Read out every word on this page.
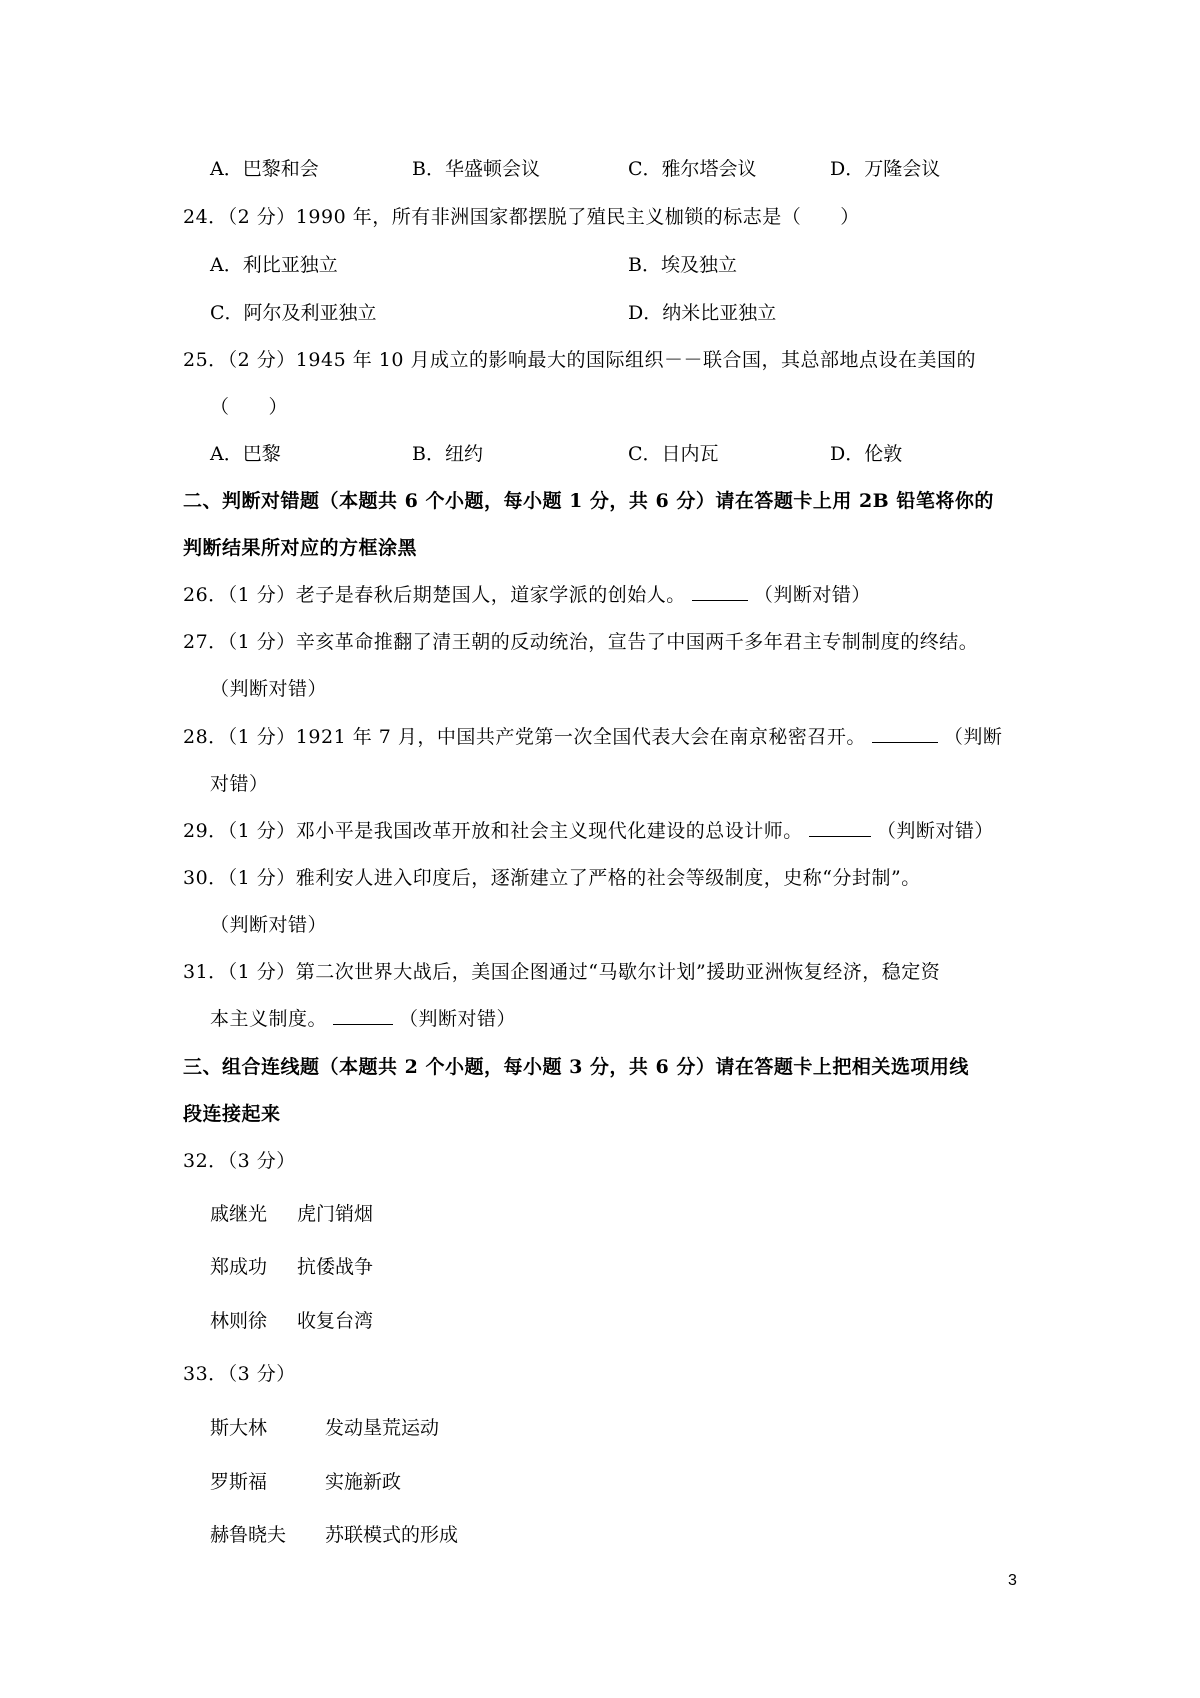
A．巴黎和会	B．华盛顿会议	C．雅尔塔会议	D．万隆会议
24．（2 分）1990 年，所有非洲国家都摆脱了殖民主义枷锁的标志是（　　）
A．利比亚独立	B．埃及独立
C．阿尔及利亚独立	D．纳米比亚独立
25．（2 分）1945 年 10 月成立的影响最大的国际组织－－联合国，其总部地点设在美国的
（　　）
A．巴黎	B．纽约	C．日内瓦	D．伦敦
二、判断对错题（本题共 6 个小题，每小题 1 分，共 6 分）请在答题卡上用 2B 铅笔将你的
判断结果所对应的方框涂黑
26．（1 分）老子是春秋后期楚国人，道家学派的创始人。	（判断对错）
27．（1 分）辛亥革命推翻了清王朝的反动统治，宣告了中国两千多年君主专制制度的终结。
（判断对错）
28．（1 分）1921 年 7 月，中国共产党第一次全国代表大会在南京秘密召开。	（判断
对错）
29．（1 分）邓小平是我国改革开放和社会主义现代化建设的总设计师。	（判断对错）
30．（1 分）雅利安人进入印度后，逐渐建立了严格的社会等级制度，史称“分封制”。
（判断对错）
31．（1 分）第二次世界大战后，美国企图通过“马歇尔计划”援助亚洲恢复经济，稳定资
本主义制度。	（判断对错）
三、组合连线题（本题共 2 个小题，每小题 3 分，共 6 分）请在答题卡上把相关选项用线
段连接起来
32．（3 分）
戚继光 虎门销烟
郑成功 抗倭战争
林则徐 收复台湾
33．（3 分）
斯大林	发动垦荒运动
罗斯福	实施新政
赫鲁晓夫 苏联模式的形成
3
